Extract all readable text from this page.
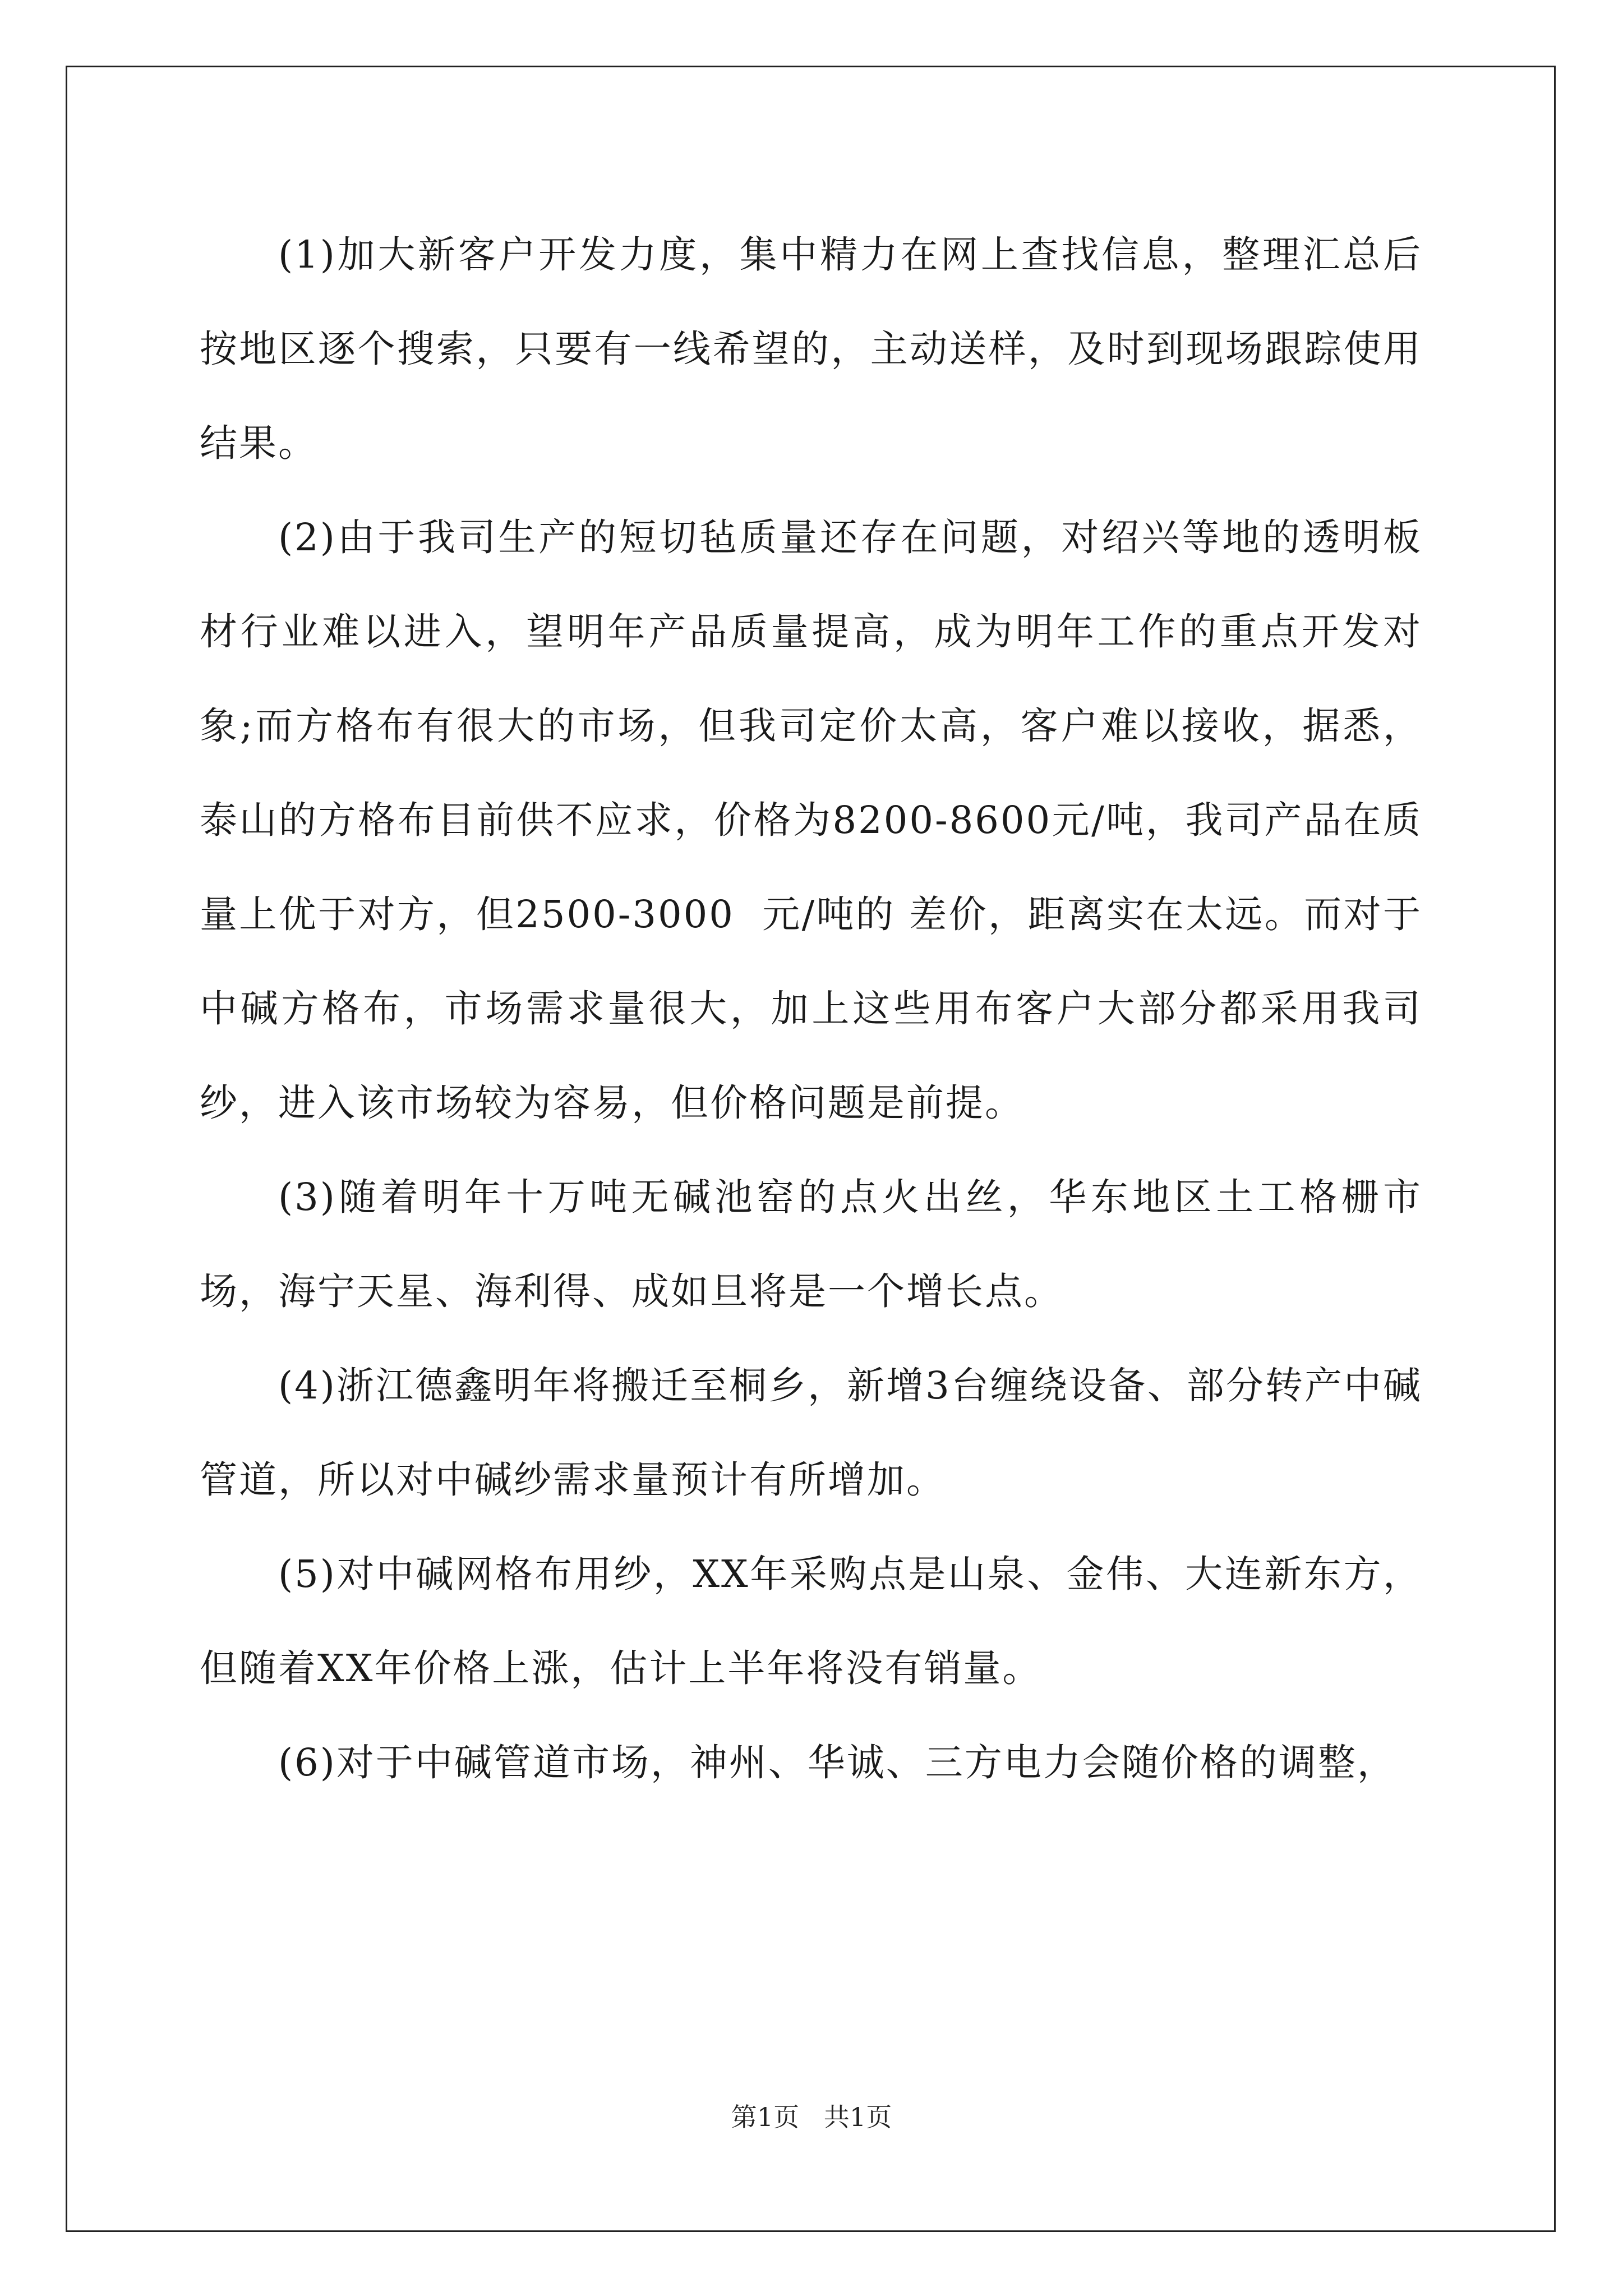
(1)加大新客户开发力度，集中精力在网上查找信息，整理汇总后按地区逐个搜索，只要有一线希望的，主动送样，及时到现场跟踪使用结果。

(2)由于我司生产的短切毡质量还存在问题，对绍兴等地的透明板材行业难以进入，望明年产品质量提高，成为明年工作的重点开发对象;而方格布有很大的市场，但我司定价太高，客户难以接收，据悉，泰山的方格布目前供不应求，价格为8200-8600元/吨，我司产品在质量上优于对方，但2500-3000  元/吨的 差价，距离实在太远。而对于中碱方格布，市场需求量很大，加上这些用布客户大部分都采用我司纱，进入该市场较为容易，但价格问题是前提。

(3)随着明年十万吨无碱池窑的点火出丝，华东地区土工格栅市场，海宁天星、海利得、成如旦将是一个增长点。

(4)浙江德鑫明年将搬迁至桐乡，新增3台缠绕设备、部分转产中碱管道，所以对中碱纱需求量预计有所增加。

(5)对中碱网格布用纱，XX年采购点是山泉、金伟、大连新东方，但随着XX年价格上涨，估计上半年将没有销量。

(6)对于中碱管道市场，神州、华诚、三方电力会随价格的调整，

第1页   共1页
